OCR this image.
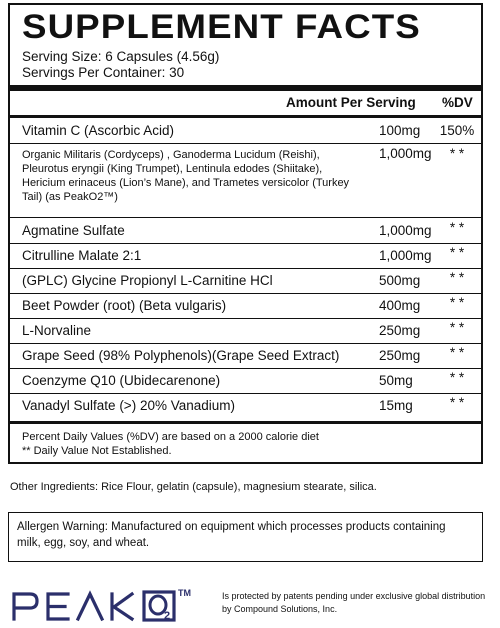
SUPPLEMENT FACTS
Serving Size: 6 Capsules (4.56g)
Servings Per Container: 30
Amount Per Serving %DV
Vitamin C (Ascorbic Acid)	100mg 150%
Organic Militaris (Cordyceps) , Ganoderma Lucidum (Reishi), Pleurotus eryngii (King Trumpet), Lentinula edodes (Shiitake), Hericium erinaceus (Lion’s Mane), and Trametes versicolor (Turkey Tail) (as PeakO2™)
1,000mg	* *
Agmatine Sulfate	1,000mg	* *
Citrulline Malate 2:1	1,000mg	* *
(GPLC) Glycine Propionyl L-Carnitine HCl	500mg	* *
Beet Powder (root) (Beta vulgaris)	400mg	* *
L-Norvaline	250mg	* *
Grape Seed (98% Polyphenols)(Grape Seed Extract)	250mg	* *
Coenzyme Q10 (Ubidecarenone)	50mg	* *
Vanadyl Sulfate (>) 20% Vanadium)	15mg	* *
Percent Daily Values (%DV) are based on a 2000 calorie diet
** Daily Value Not Established.
Other Ingredients: Rice Flour, gelatin (capsule), magnesium stearate, silica.
Allergen Warning: Manufactured on equipment which processes products containing milk, egg, soy, and wheat.
2
TM	Is protected by patents pending under exclusive global distribution by Compound Solutions, Inc.
